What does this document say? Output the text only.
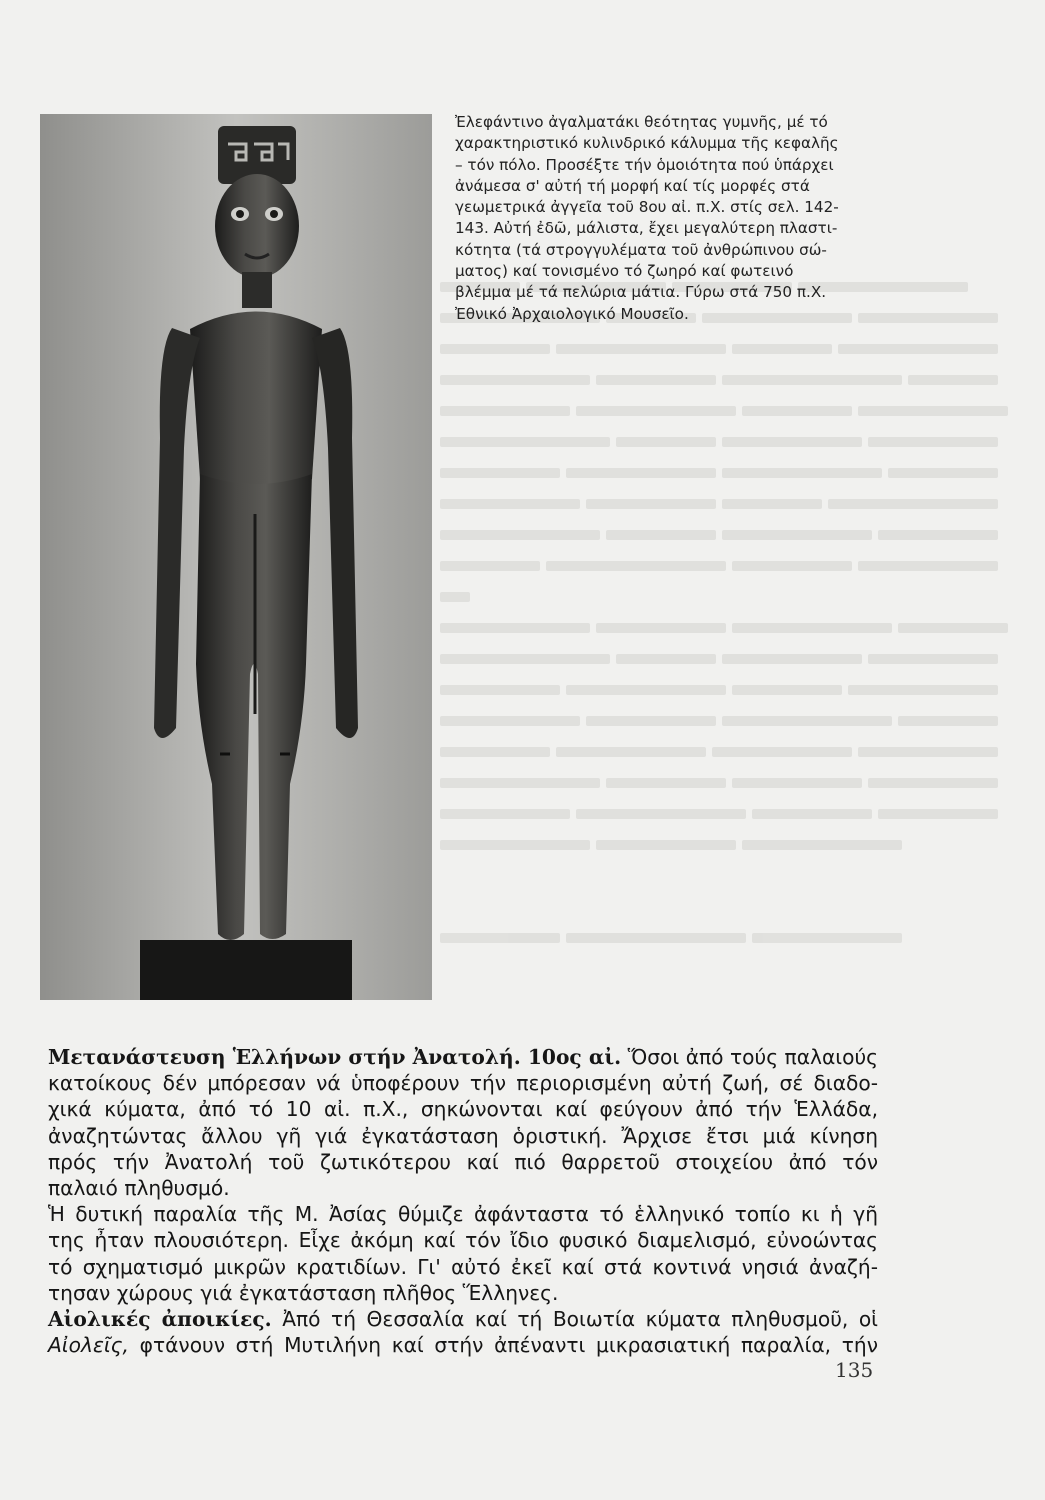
Ἐλεφάντινο ἀγαλματάκι θεότητας γυμνῆς, μέ τό
χαρακτηριστικό κυλινδρικό κάλυμμα τῆς κεφαλῆς
– τόν πόλο. Προσέξτε τήν ὁμοιότητα πού ὑπάρχει
ἀνάμεσα σ' αὐτή τή μορφή καί τίς μορφές στά
γεωμετρικά ἀγγεῖα τοῦ 8ου αἰ. π.Χ. στίς σελ. 142-
143. Αὐτή ἐδῶ, μάλιστα, ἔχει μεγαλύτερη πλαστι-
κότητα (τά στρογγυλέματα τοῦ ἀνθρώπινου σώ-
ματος) καί τονισμένο τό ζωηρό καί φωτεινό
βλέμμα μέ τά πελώρια μάτια. Γύρω στά 750 π.Χ.
Ἐθνικό Ἀρχαιολογικό Μουσεῖο.
Μετανάστευση Ἑλλήνων στήν Ἀνατολή. 10ος αἰ. Ὅσοι ἀπό τούς παλαιούς
κατοίκους δέν μπόρεσαν νά ὑποφέρουν τήν περιορισμένη αὐτή ζωή, σέ διαδο-
χικά κύματα, ἀπό τό 10 αἰ. π.Χ., σηκώνονται καί φεύγουν ἀπό τήν Ἑλλάδα,
ἀναζητώντας ἄλλου γῆ γιά ἐγκατάσταση ὁριστική. Ἄρχισε ἔτσι μιά κίνηση
πρός τήν Ἀνατολή τοῦ ζωτικότερου καί πιό θαρρετοῦ στοιχείου ἀπό τόν
παλαιό πληθυσμό.
Ἡ δυτική παραλία τῆς Μ. Ἀσίας θύμιζε ἀφάνταστα τό ἑλληνικό τοπίο κι ἡ γῆ
της ἦταν πλουσιότερη. Εἶχε ἀκόμη καί τόν ἴδιο φυσικό διαμελισμό, εὐνοώντας
τό σχηματισμό μικρῶν κρατιδίων. Γι' αὐτό ἐκεῖ καί στά κοντινά νησιά ἀναζή-
τησαν χώρους γιά ἐγκατάσταση πλῆθος Ἕλληνες.
Αἰολικές ἀποικίες. Ἀπό τή Θεσσαλία καί τή Βοιωτία κύματα πληθυσμοῦ, οἱ
Αἰολεῖς, φτάνουν στή Μυτιλήνη καί στήν ἀπέναντι μικρασιατική παραλία, τήν
135
